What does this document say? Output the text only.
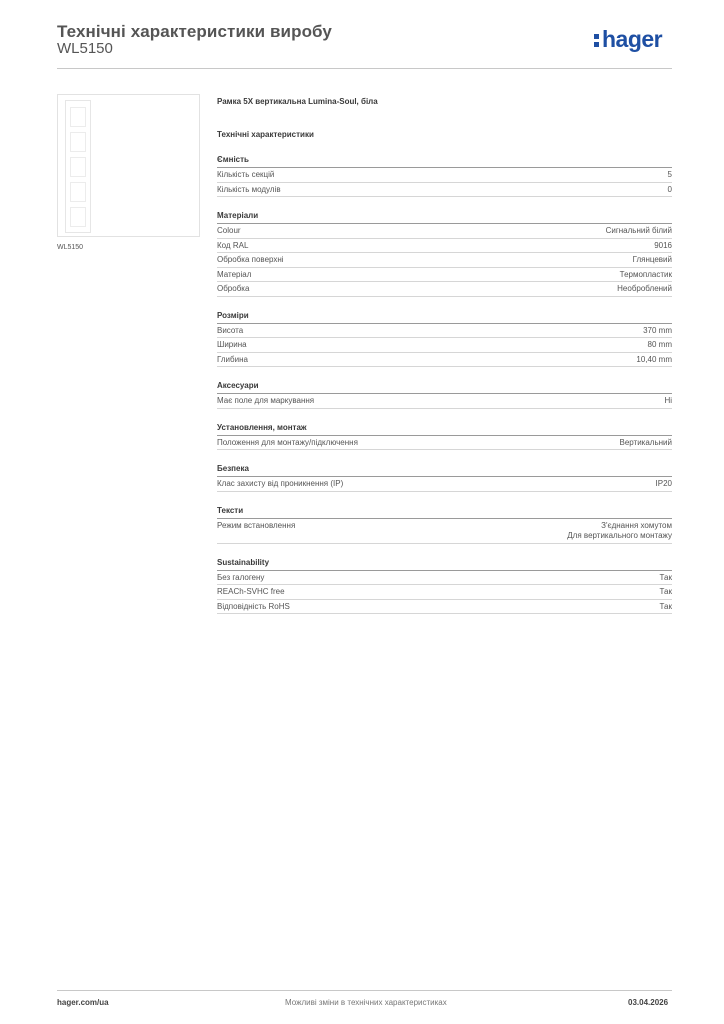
Технічні характеристики виробу
WL5150	hager
WL5150
Рамка 5X вертикальна Lumina-Soul, біла
Технічні характеристики
Ємність
Кількість секцій	5
Кількість модулів	0
Матеріали
Colour	Сигнальний білий
Код RAL	9016
Обробка поверхні	Глянцевий
Матеріал	Термопластик
Обробка	Необроблений
Розміри
Висота	370 mm
Ширина	80 mm
Глибина	10,40 mm
Аксесуари
Має поле для маркування	Ні
Установлення, монтаж
Положення для монтажу/підключення	Вертикальний
Безпека
Клас захисту від проникнення (IP)	IP20
Тексти
Режим встановлення	З'єднання хомутом
Для вертикального монтажу
Sustainability
Без галогену	Так
REACh-SVHC free	Так
Відповідність RoHS	Так
hager.com/ua	Можливі зміни в технічних характеристиках	03.04.2026
